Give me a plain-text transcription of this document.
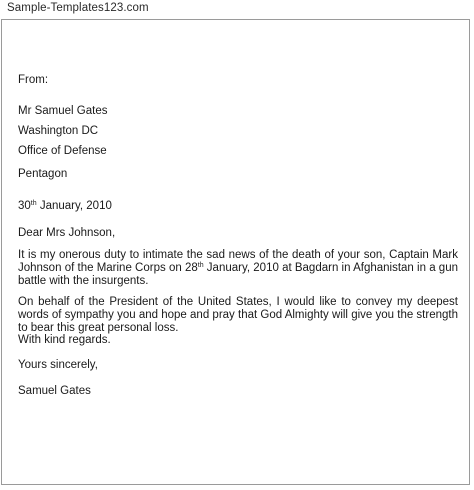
Sample-Templates123.com
From:
Mr Samuel Gates
Washington DC
Office of Defense
Pentagon
30th January, 2010
Dear Mrs Johnson,
It is my onerous duty to intimate the sad news of the death of your son, Captain Mark Johnson of the Marine Corps on 28th January, 2010 at Bagdarn in Afghanistan in a gun battle with the insurgents.
On behalf of the President of the United States, I would like to convey my deepest words of sympathy you and hope and pray that God Almighty will give you the strength to bear this great personal loss.
With kind regards.
Yours sincerely,
Samuel Gates
